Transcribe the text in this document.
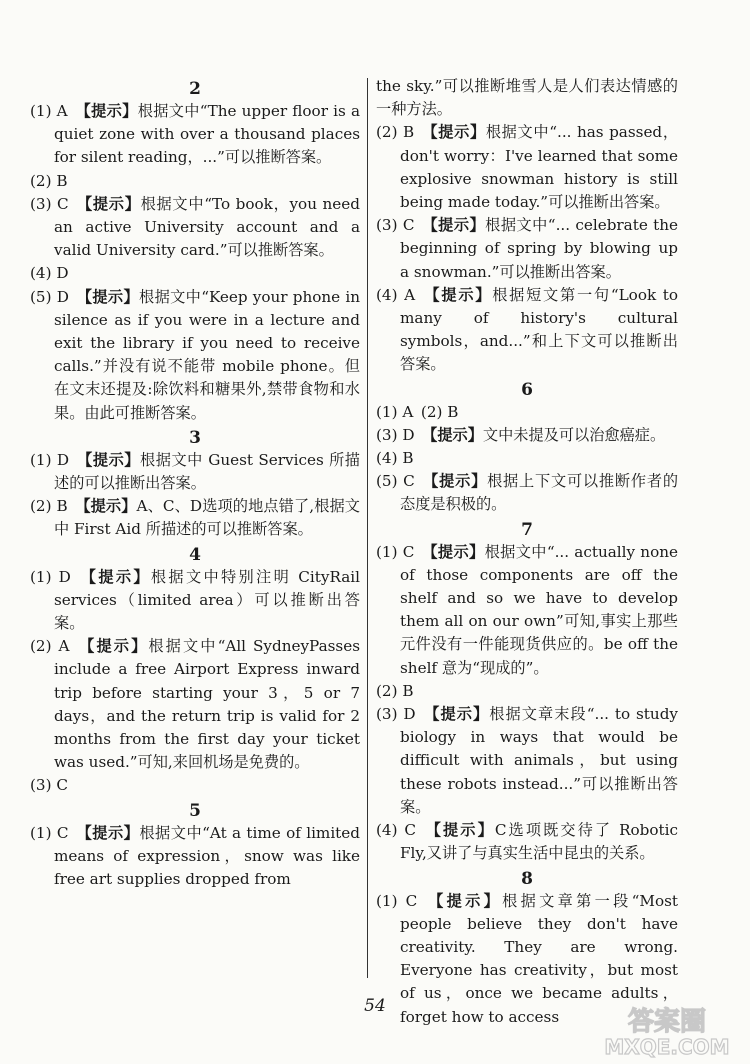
2

(1) A  【提示】根据文中“The upper floor is a quiet zone with over a thousand places for silent reading，...”可以推断答案。

(2) B 

(3) C  【提示】根据文中“To book，you need an active University account and a valid University card.”可以推断答案。

(4) D 

(5) D  【提示】根据文中“Keep your phone in silence as if you were in a lecture and exit the library if you need to receive calls.”并没有说不能带 mobile phone。但在文末还提及:除饮料和糖果外,禁带食物和水果。由此可推断答案。

3

(1) D  【提示】根据文中 Guest Services 所描述的可以推断出答案。

(2) B  【提示】A、C、D选项的地点错了,根据文中 First Aid 所描述的可以推断答案。

4

(1) D  【提示】根据文中特别注明 CityRail services（limited area）可以推断出答案。

(2) A  【提示】根据文中“All SydneyPasses include a free Airport Express inward trip before starting your 3，5 or 7 days，and the return trip is valid for 2 months from the first day your ticket was used.”可知,来回机场是免费的。

(3) C 

5

(1) C  【提示】根据文中“At a time of limited means of expression，snow was like free art supplies dropped from

the sky.”可以推断堆雪人是人们表达情感的一种方法。

(2) B  【提示】根据文中“... has passed，don't worry：I've learned that some explosive snowman history is still being made today.”可以推断出答案。

(3) C  【提示】根据文中“... celebrate the beginning of spring by blowing up a snowman.”可以推断出答案。

(4) A  【提示】根据短文第一句“Look to many of history's cultural symbols，and...”和上下文可以推断出答案。

6

(1) A  (2) B

(3) D  【提示】文中未提及可以治愈癌症。

(4) B 

(5) C  【提示】根据上下文可以推断作者的态度是积极的。

7

(1) C  【提示】根据文中“... actually none of those components are off the shelf and so we have to develop them all on our own”可知,事实上那些元件没有一件能现货供应的。be off the shelf 意为“现成的”。

(2) B 

(3) D  【提示】根据文章末段“... to study biology in ways that would be difficult with animals，but using these robots instead...”可以推断出答案。

(4) C  【提示】C选项既交待了 Robotic Fly,又讲了与真实生活中昆虫的关系。

8

(1) C  【提示】根据文章第一段“Most people believe they don't have creativity. They are wrong. Everyone has creativity，but most of us，once we became adults，forget how to access

54
答案圈
MXQE.COM
